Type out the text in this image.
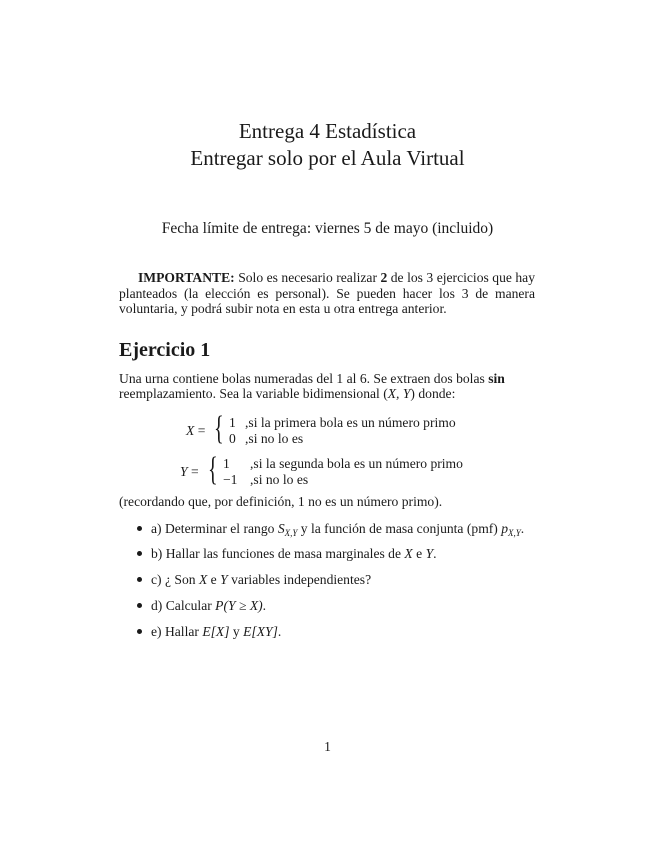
Entrega 4 Estadística
Entregar solo por el Aula Virtual
Fecha límite de entrega: viernes 5 de mayo (incluido)
IMPORTANTE: Solo es necesario realizar 2 de los 3 ejercicios que hay planteados (la elección es personal). Se pueden hacer los 3 de manera voluntaria, y podrá subir nota en esta u otra entrega anterior.
Ejercicio 1
Una urna contiene bolas numeradas del 1 al 6. Se extraen dos bolas sin
reemplazamiento. Sea la variable bidimensional (X, Y) donde:
X = { 1 ,si la primera bola es un número primo
0 ,si no lo es
Y = { 1 ,si la segunda bola es un número primo
−1 ,si no lo es
(recordando que, por definición, 1 no es un número primo).
a) Determinar el rango $S_{X,Y}$ y la función de masa conjunta (pmf) $p_{X,Y}$.
b) Hallar las funciones de masa marginales de X e Y.
c) ¿ Son X e Y variables independientes?
d) Calcular P(Y ≥ X).
e) Hallar E[X] y E[XY].
1
